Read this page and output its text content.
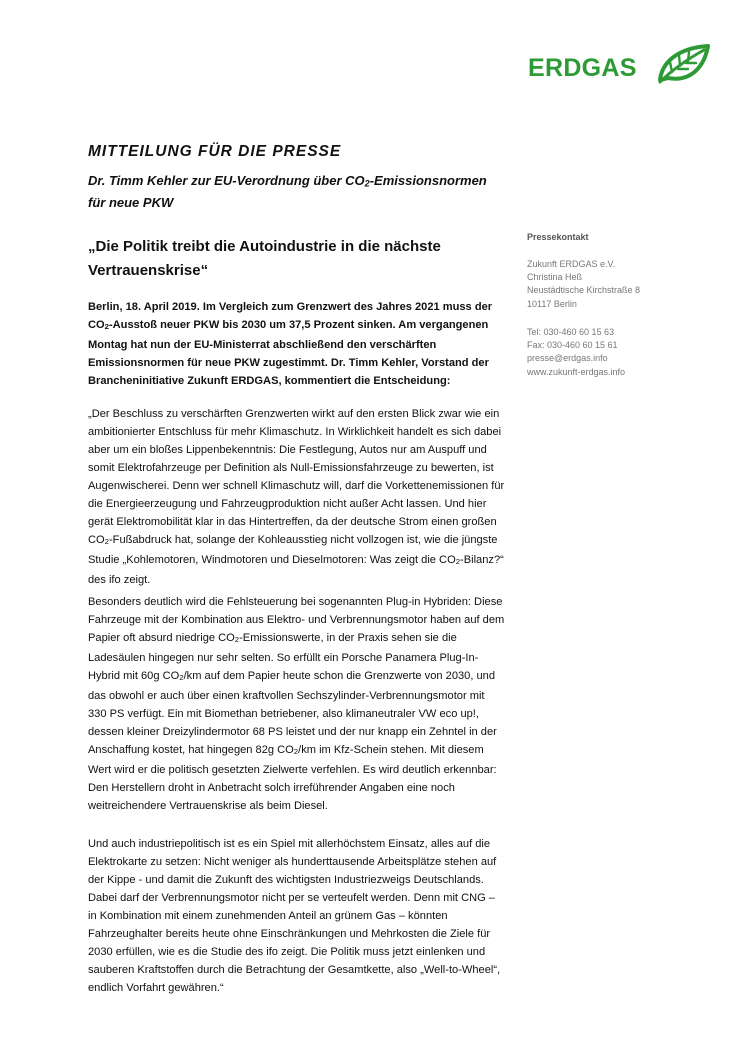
ERDGAS
MITTEILUNG FÜR DIE PRESSE
Dr. Timm Kehler zur EU-Verordnung über $CO_2$-Emissionsnormen
für neue PKW
„Die Politik treibt die Autoindustrie in die nächste
Vertrauenskrise“

Berlin, 18. April 2019. Im Vergleich zum Grenzwert des Jahres 2021 muss der $CO_2$-Ausstoß neuer PKW bis 2030 um 37,5 Prozent sinken. Am vergangenen Montag hat nun der EU-Ministerrat abschließend den verschärften Emissionsnormen für neue PKW zugestimmt. Dr. Timm Kehler, Vorstand der Brancheninitiative Zukunft ERDGAS, kommentiert die Entscheidung:

„Der Beschluss zu verschärften Grenzwerten wirkt auf den ersten Blick zwar wie ein ambitionierter Entschluss für mehr Klimaschutz. In Wirklichkeit handelt es sich dabei aber um ein bloßes Lippenbekenntnis: Die Festlegung, Autos nur am Auspuff und somit Elektrofahrzeuge per Definition als Null-Emissionsfahrzeuge zu bewerten, ist Augenwischerei. Denn wer schnell Klimaschutz will, darf die Vorkettenemissionen für die Energieerzeugung und Fahrzeugproduktion nicht außer Acht lassen. Und hier gerät Elektromobilität klar in das Hintertreffen, da der deutsche Strom einen großen $CO_2$-Fußabdruck hat, solange der Kohleausstieg nicht vollzogen ist, wie die jüngste Studie „Kohlemotoren, Windmotoren und Dieselmotoren: Was zeigt die $CO_2-Bilanz?“$ des ifo zeigt.

Besonders deutlich wird die Fehlsteuerung bei sogenannten Plug-in Hybriden: Diese Fahrzeuge mit der Kombination aus Elektro- und Verbrennungsmotor haben auf dem Papier oft absurd niedrige $CO_2$-Emissionswerte, in der Praxis sehen sie die Ladesäulen hingegen nur sehr selten. So erfüllt ein Porsche Panamera Plug-In-Hybrid mit 60g $CO_2/km$ auf dem Papier heute schon die Grenzwerte von 2030, und das obwohl er auch über einen kraftvollen Sechszylinder-Verbrennungsmotor mit 330 PS verfügt. Ein mit Biomethan betriebener, also klimaneutraler VW eco up!, dessen kleiner Dreizylindermotor 68 PS leistet und der nur knapp ein Zehntel in der Anschaffung kostet, hat hingegen 82g $CO_2/km$ im Kfz-Schein stehen. Mit diesem Wert wird er die politisch gesetzten Zielwerte verfehlen. Es wird deutlich erkennbar: Den Herstellern droht in Anbetracht solch irreführender Angaben eine noch weitreichendere Vertrauenskrise als beim Diesel.

Und auch industriepolitisch ist es ein Spiel mit allerhöchstem Einsatz, alles auf die Elektrokarte zu setzen: Nicht weniger als hunderttausende Arbeitsplätze stehen auf der Kippe - und damit die Zukunft des wichtigsten Industriezweigs Deutschlands. Dabei darf der Verbrennungsmotor nicht per se verteufelt werden. Denn mit CNG – in Kombination mit einem zunehmenden Anteil an grünem Gas – könnten Fahrzeughalter bereits heute ohne Einschränkungen und Mehrkosten die Ziele für 2030 erfüllen, wie es die Studie des ifo zeigt. Die Politik muss jetzt einlenken und sauberen Kraftstoffen durch die Betrachtung der Gesamtkette, also „Well-to-Wheel“, endlich Vorfahrt gewähren.“

Pressekontakt
Zukunft ERDGAS e.V.
Christina Heß
Neustädtische Kirchstraße 8
10117 Berlin
Tel: 030-460 60 15 63
Fax: 030-460 60 15 61
presse@erdgas.info
www.zukunft-erdgas.info
